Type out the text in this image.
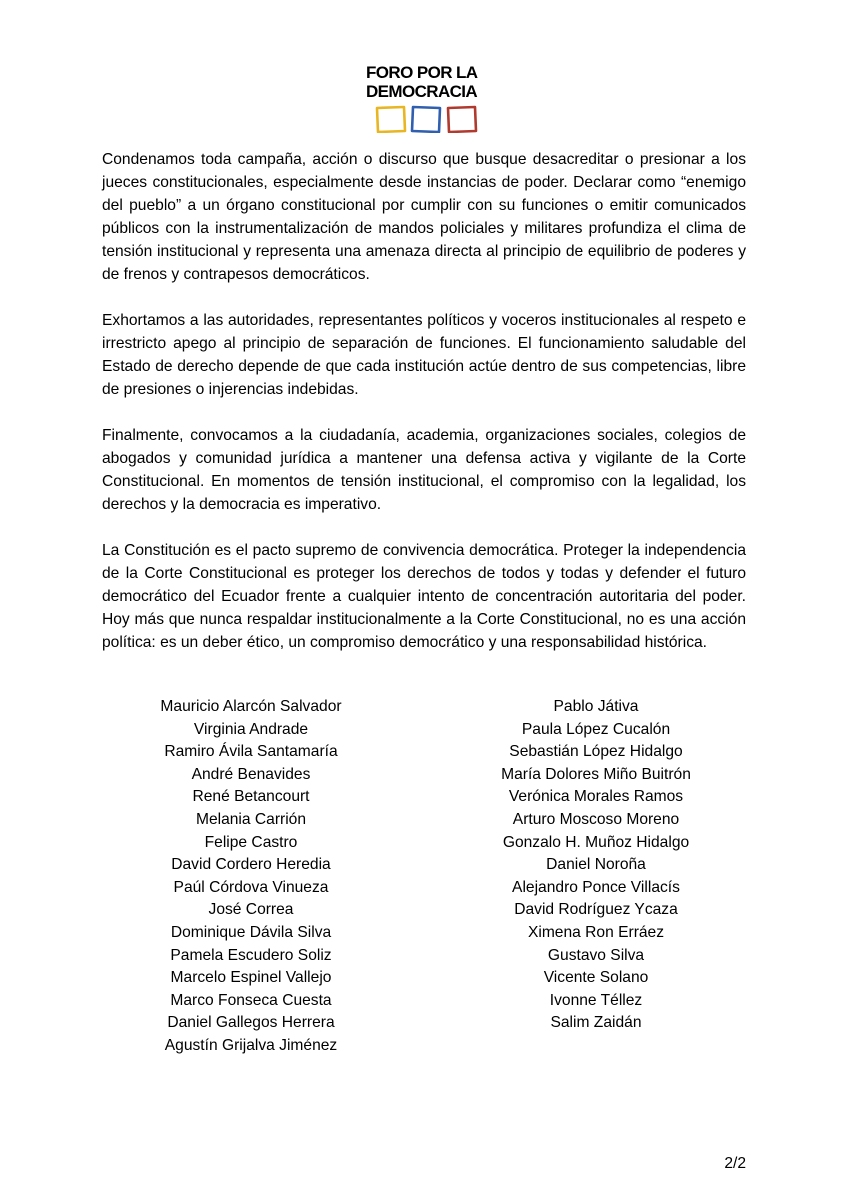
FORO POR LA

DEMOCRACIA

Condenamos toda campaña, acción o discurso que busque desacreditar o presionar a los jueces constitucionales, especialmente desde instancias de poder. Declarar como “enemigo del pueblo” a un órgano constitucional por cumplir con su funciones o emitir comunicados públicos con la instrumentalización de mandos policiales y militares profundiza el clima de tensión institucional y representa una amenaza directa al principio de equilibrio de poderes y de frenos y contrapesos democráticos.

Exhortamos a las autoridades, representantes políticos y voceros institucionales al respeto e irrestricto apego al principio de separación de funciones. El funcionamiento saludable del Estado de derecho depende de que cada institución actúe dentro de sus competencias, libre de presiones o injerencias indebidas.

Finalmente, convocamos a la ciudadanía, academia, organizaciones sociales, colegios de abogados y comunidad jurídica a mantener una defensa activa y vigilante de la Corte Constitucional. En momentos de tensión institucional, el compromiso con la legalidad, los derechos y la democracia es imperativo.

La Constitución es el pacto supremo de convivencia democrática. Proteger la independencia de la Corte Constitucional es proteger los derechos de todos y todas y defender el futuro democrático del Ecuador frente a cualquier intento de concentración autoritaria del poder. Hoy más que nunca respaldar institucionalmente a la Corte Constitucional, no es una acción política: es un deber ético, un compromiso democrático y una responsabilidad histórica.

Mauricio Alarcón Salvador
Virginia Andrade
Ramiro Ávila Santamaría
André Benavides
René Betancourt
Melania Carrión
Felipe Castro
David Cordero Heredia
Paúl Córdova Vinueza
José Correa
Dominique Dávila Silva
Pamela Escudero Soliz
Marcelo Espinel Vallejo
Marco Fonseca Cuesta
Daniel Gallegos Herrera
Agustín Grijalva Jiménez
Pablo Játiva
Paula López Cucalón
Sebastián López Hidalgo
María Dolores Miño Buitrón
Verónica Morales Ramos
Arturo Moscoso Moreno
Gonzalo H. Muñoz Hidalgo
Daniel Noroña
Alejandro Ponce Villacís
David Rodríguez Ycaza
Ximena Ron Erráez
Gustavo Silva
Vicente Solano
Ivonne Téllez
Salim Zaidán
2/2
